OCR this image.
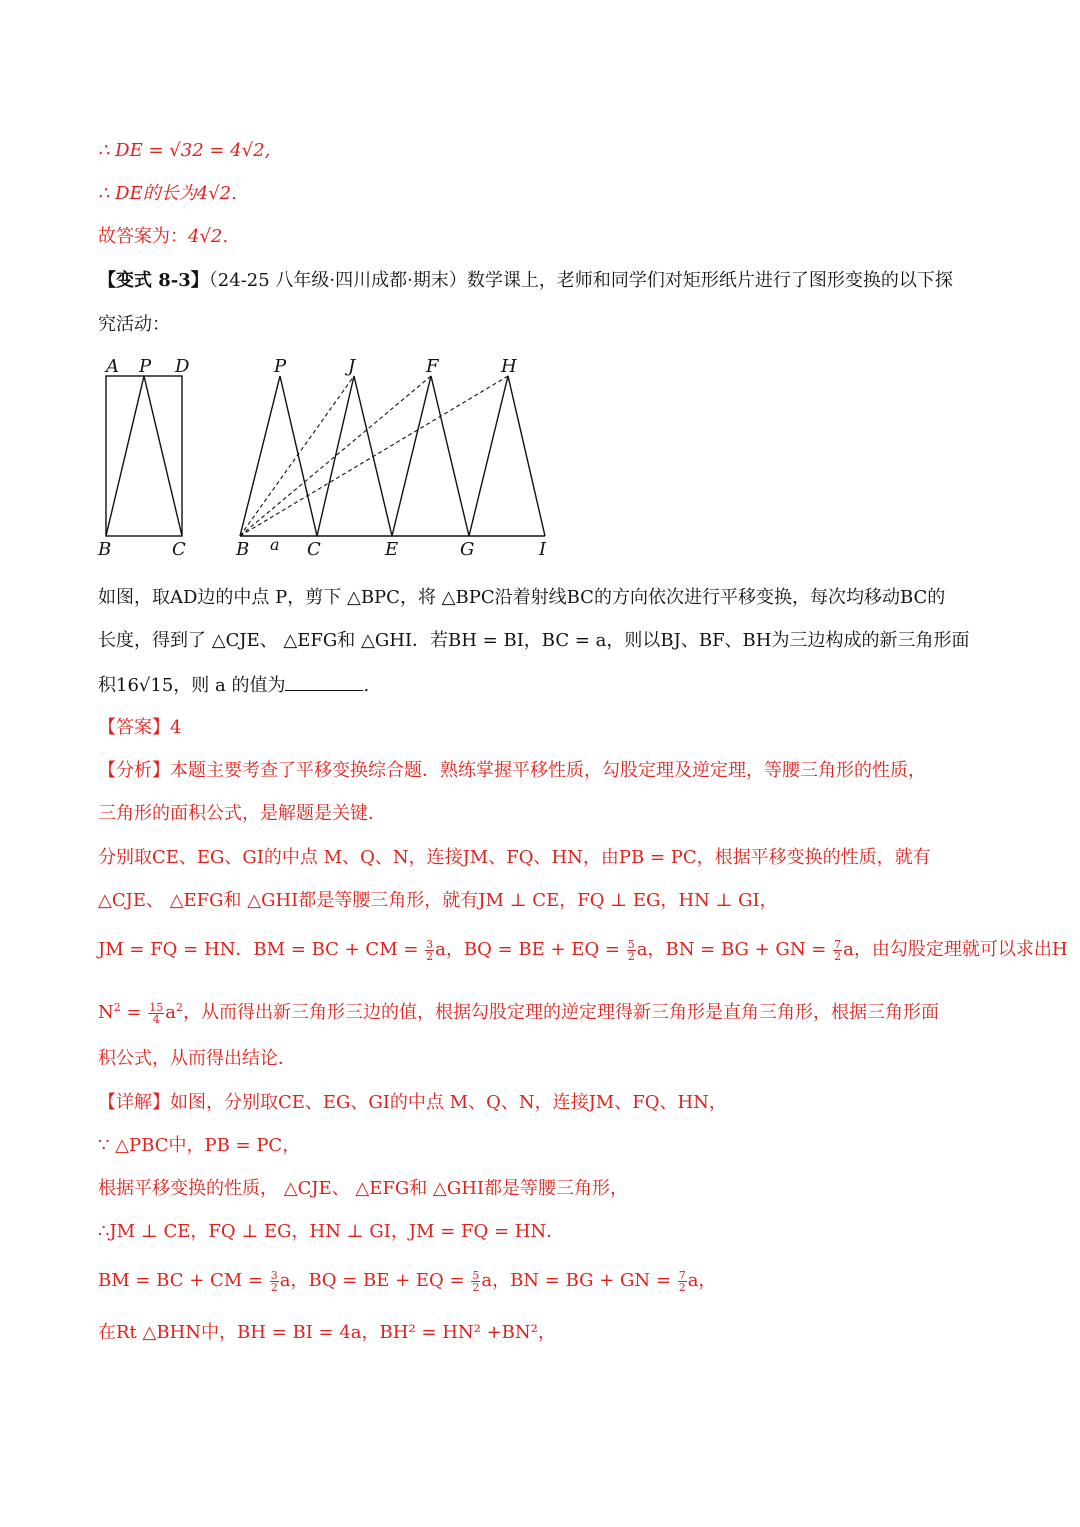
∴ DE = √32 = 4√2,
∴ DE的长为4√2.
故答案为：4√2.
【变式 8-3】（24-25 八年级·四川成都·期末）数学课上，老师和同学们对矩形纸片进行了图形变换的以下探
究活动：
A P D
B	C
P	J	F	H
B a C	E	G	I
如图，取AD边的中点 P，剪下 △BPC，将 △BPC沿着射线BC的方向依次进行平移变换，每次均移动BC的
长度，得到了 △CJE、 △EFG和 △GHI．若BH = BI，BC = a，则以BJ、BF、BH为三边构成的新三角形面
积16√15，则 a 的值为	.
【答案】4
【分析】本题主要考查了平移变换综合题．熟练掌握平移性质，勾股定理及逆定理，等腰三角形的性质，
三角形的面积公式，是解题是关键．
分别取CE、EG、GI的中点 M、Q、N，连接JM、FQ、HN，由PB = PC，根据平移变换的性质，就有
△CJE、 △EFG和 △GHI都是等腰三角形，就有JM ⊥ CE，FQ ⊥ EG，HN ⊥ GI，
JM = FQ = HN．BM = BC + CM = $\frac{3}{2}$ a，BQ = BE + EQ = $\frac{5}{2}$ a，BN = BG + GN = $\frac{7}{2}$ a，由勾股定理就可以求出H
$N^2 = \frac{15}{4} a^2$，从而得出新三角形三边的值，根据勾股定理的逆定理得新三角形是直角三角形，根据三角形面
积公式，从而得出结论．
【详解】如图，分别取CE、EG、GI的中点 M、Q、N，连接JM、FQ、HN，
∵ △PBC中，PB = PC，
根据平移变换的性质， △CJE、 △EFG和 △GHI都是等腰三角形，
∴JM ⊥ CE，FQ ⊥ EG，HN ⊥ GI，JM = FQ = HN．
BM = BC + CM = $\frac{3}{2}$ a，BQ = BE + EQ = $\frac{5}{2}$ a，BN = BG + GN = $\frac{7}{2}$ a，
在Rt △BHN中，BH = BI = 4a，BH² = HN² +BN²，
